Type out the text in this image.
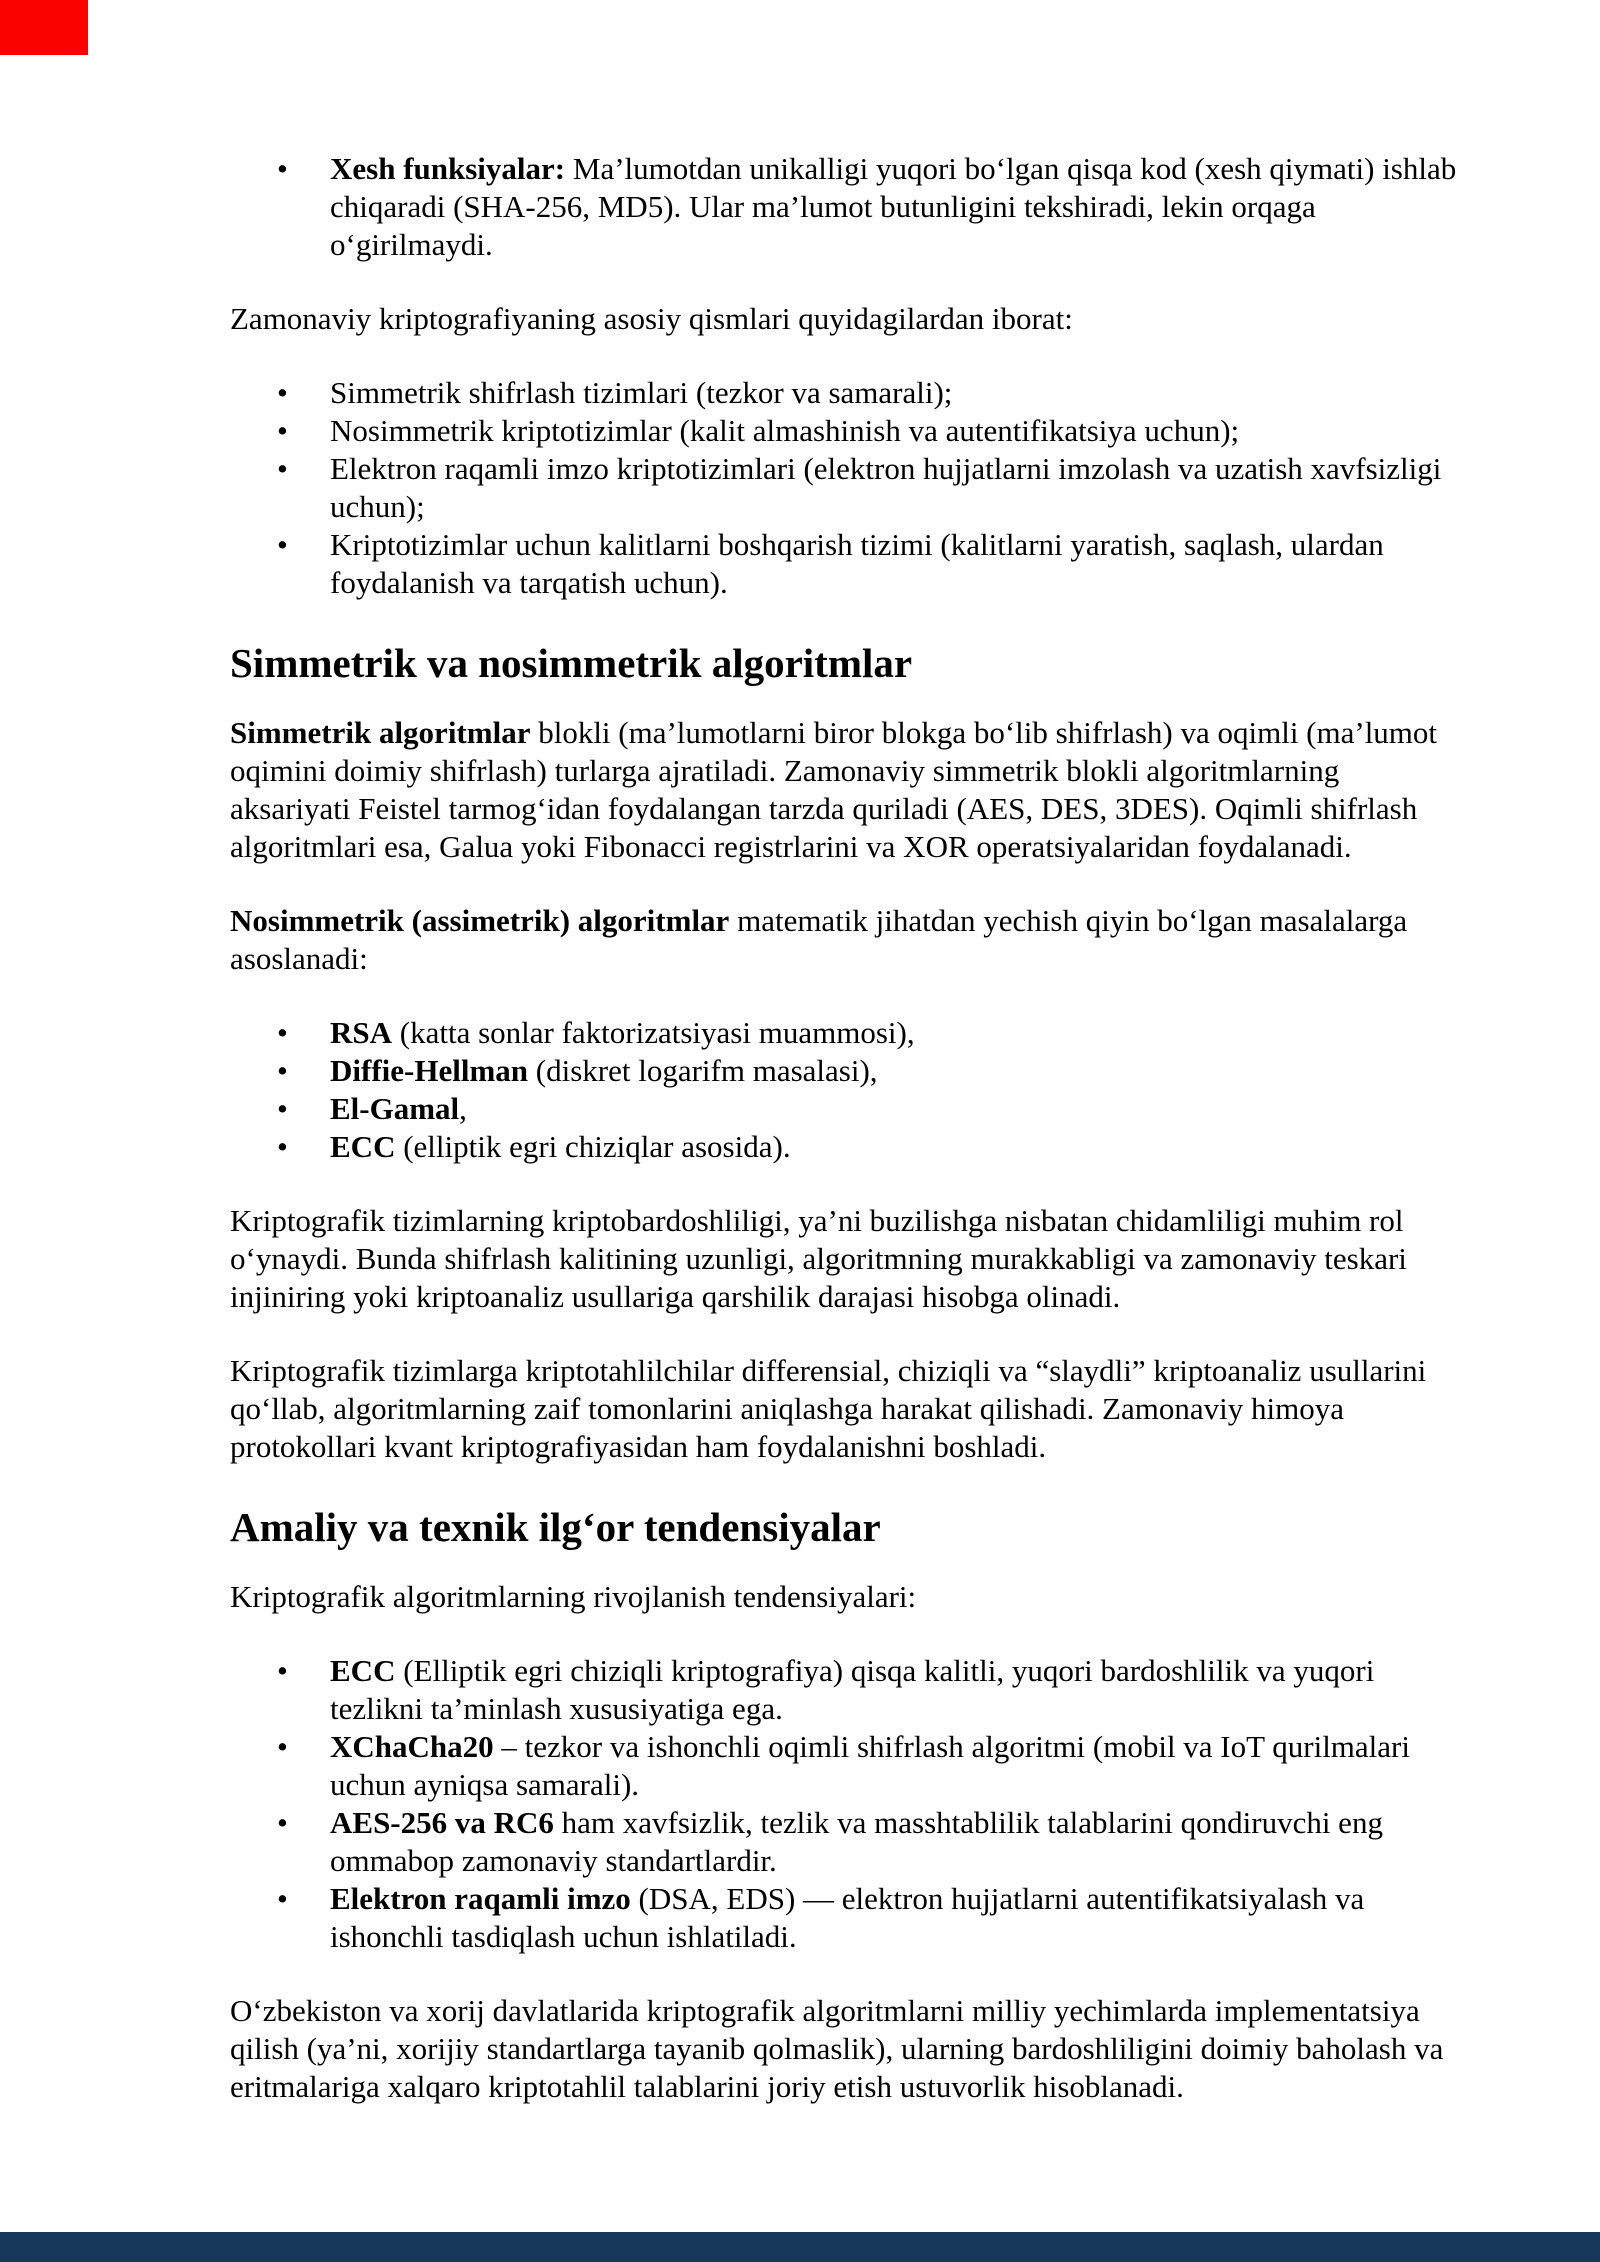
• Xesh funksiyalar: Ma’lumotdan unikalligi yuqori bo‘lgan qisqa kod (xesh qiymati) ishlab chiqaradi (SHA-256, MD5). Ular ma’lumot butunligini tekshiradi, lekin orqaga o‘girilmaydi.

Zamonaviy kriptografiyaning asosiy qismlari quyidagilardan iborat:

• Simmetrik shifrlash tizimlari (tezkor va samarali);
• Nosimmetrik kriptotizimlar (kalit almashinish va autentifikatsiya uchun);
• Elektron raqamli imzo kriptotizimlari (elektron hujjatlarni imzolash va uzatish xavfsizligi uchun);
• Kriptotizimlar uchun kalitlarni boshqarish tizimi (kalitlarni yaratish, saqlash, ulardan foydalanish va tarqatish uchun).
Simmetrik va nosimmetrik algoritmlar

Simmetrik algoritmlar blokli (ma’lumotlarni biror blokga bo‘lib shifrlash) va oqimli (ma’lumot oqimini doimiy shifrlash) turlarga ajratiladi. Zamonaviy simmetrik blokli algoritmlarning aksariyati Feistel tarmog‘idan foydalangan tarzda quriladi (AES, DES, 3DES). Oqimli shifrlash algoritmlari esa, Galua yoki Fibonacci registrlarini va XOR operatsiyalaridan foydalanadi.

Nosimmetrik (assimetrik) algoritmlar matematik jihatdan yechish qiyin bo‘lgan masalalarga asoslanadi:

• RSA (katta sonlar faktorizatsiyasi muammosi),
• Diffie-Hellman (diskret logarifm masalasi),
• El-Gamal,
• ECC (elliptik egri chiziqlar asosida).

Kriptografik tizimlarning kriptobardoshliligi, ya’ni buzilishga nisbatan chidamliligi muhim rol o‘ynaydi. Bunda shifrlash kalitining uzunligi, algoritmning murakkabligi va zamonaviy teskari injiniring yoki kriptoanaliz usullariga qarshilik darajasi hisobga olinadi.

Kriptografik tizimlarga kriptotahlilchilar differensial, chiziqli va “slaydli” kriptoanaliz usullarini qo‘llab, algoritmlarning zaif tomonlarini aniqlashga harakat qilishadi. Zamonaviy himoya protokollari kvant kriptografiyasidan ham foydalanishni boshladi.

Amaliy va texnik ilg‘or tendensiyalar

Kriptografik algoritmlarning rivojlanish tendensiyalari:

• ECC (Elliptik egri chiziqli kriptografiya) qisqa kalitli, yuqori bardoshlilik va yuqori tezlikni ta’minlash xususiyatiga ega.
• XChaCha20 – tezkor va ishonchli oqimli shifrlash algoritmi (mobil va IoT qurilmalari uchun ayniqsa samarali).
• AES-256 va RC6 ham xavfsizlik, tezlik va masshtablilik talablarini qondiruvchi eng ommabop zamonaviy standartlardir.
• Elektron raqamli imzo (DSA, EDS) — elektron hujjatlarni autentifikatsiyalash va ishonchli tasdiqlash uchun ishlatiladi.

O‘zbekiston va xorij davlatlarida kriptografik algoritmlarni milliy yechimlarda implementatsiya qilish (ya’ni, xorijiy standartlarga tayanib qolmaslik), ularning bardoshliligini doimiy baholash va eritmalariga xalqaro kriptotahlil talablarini joriy etish ustuvorlik hisoblanadi.
